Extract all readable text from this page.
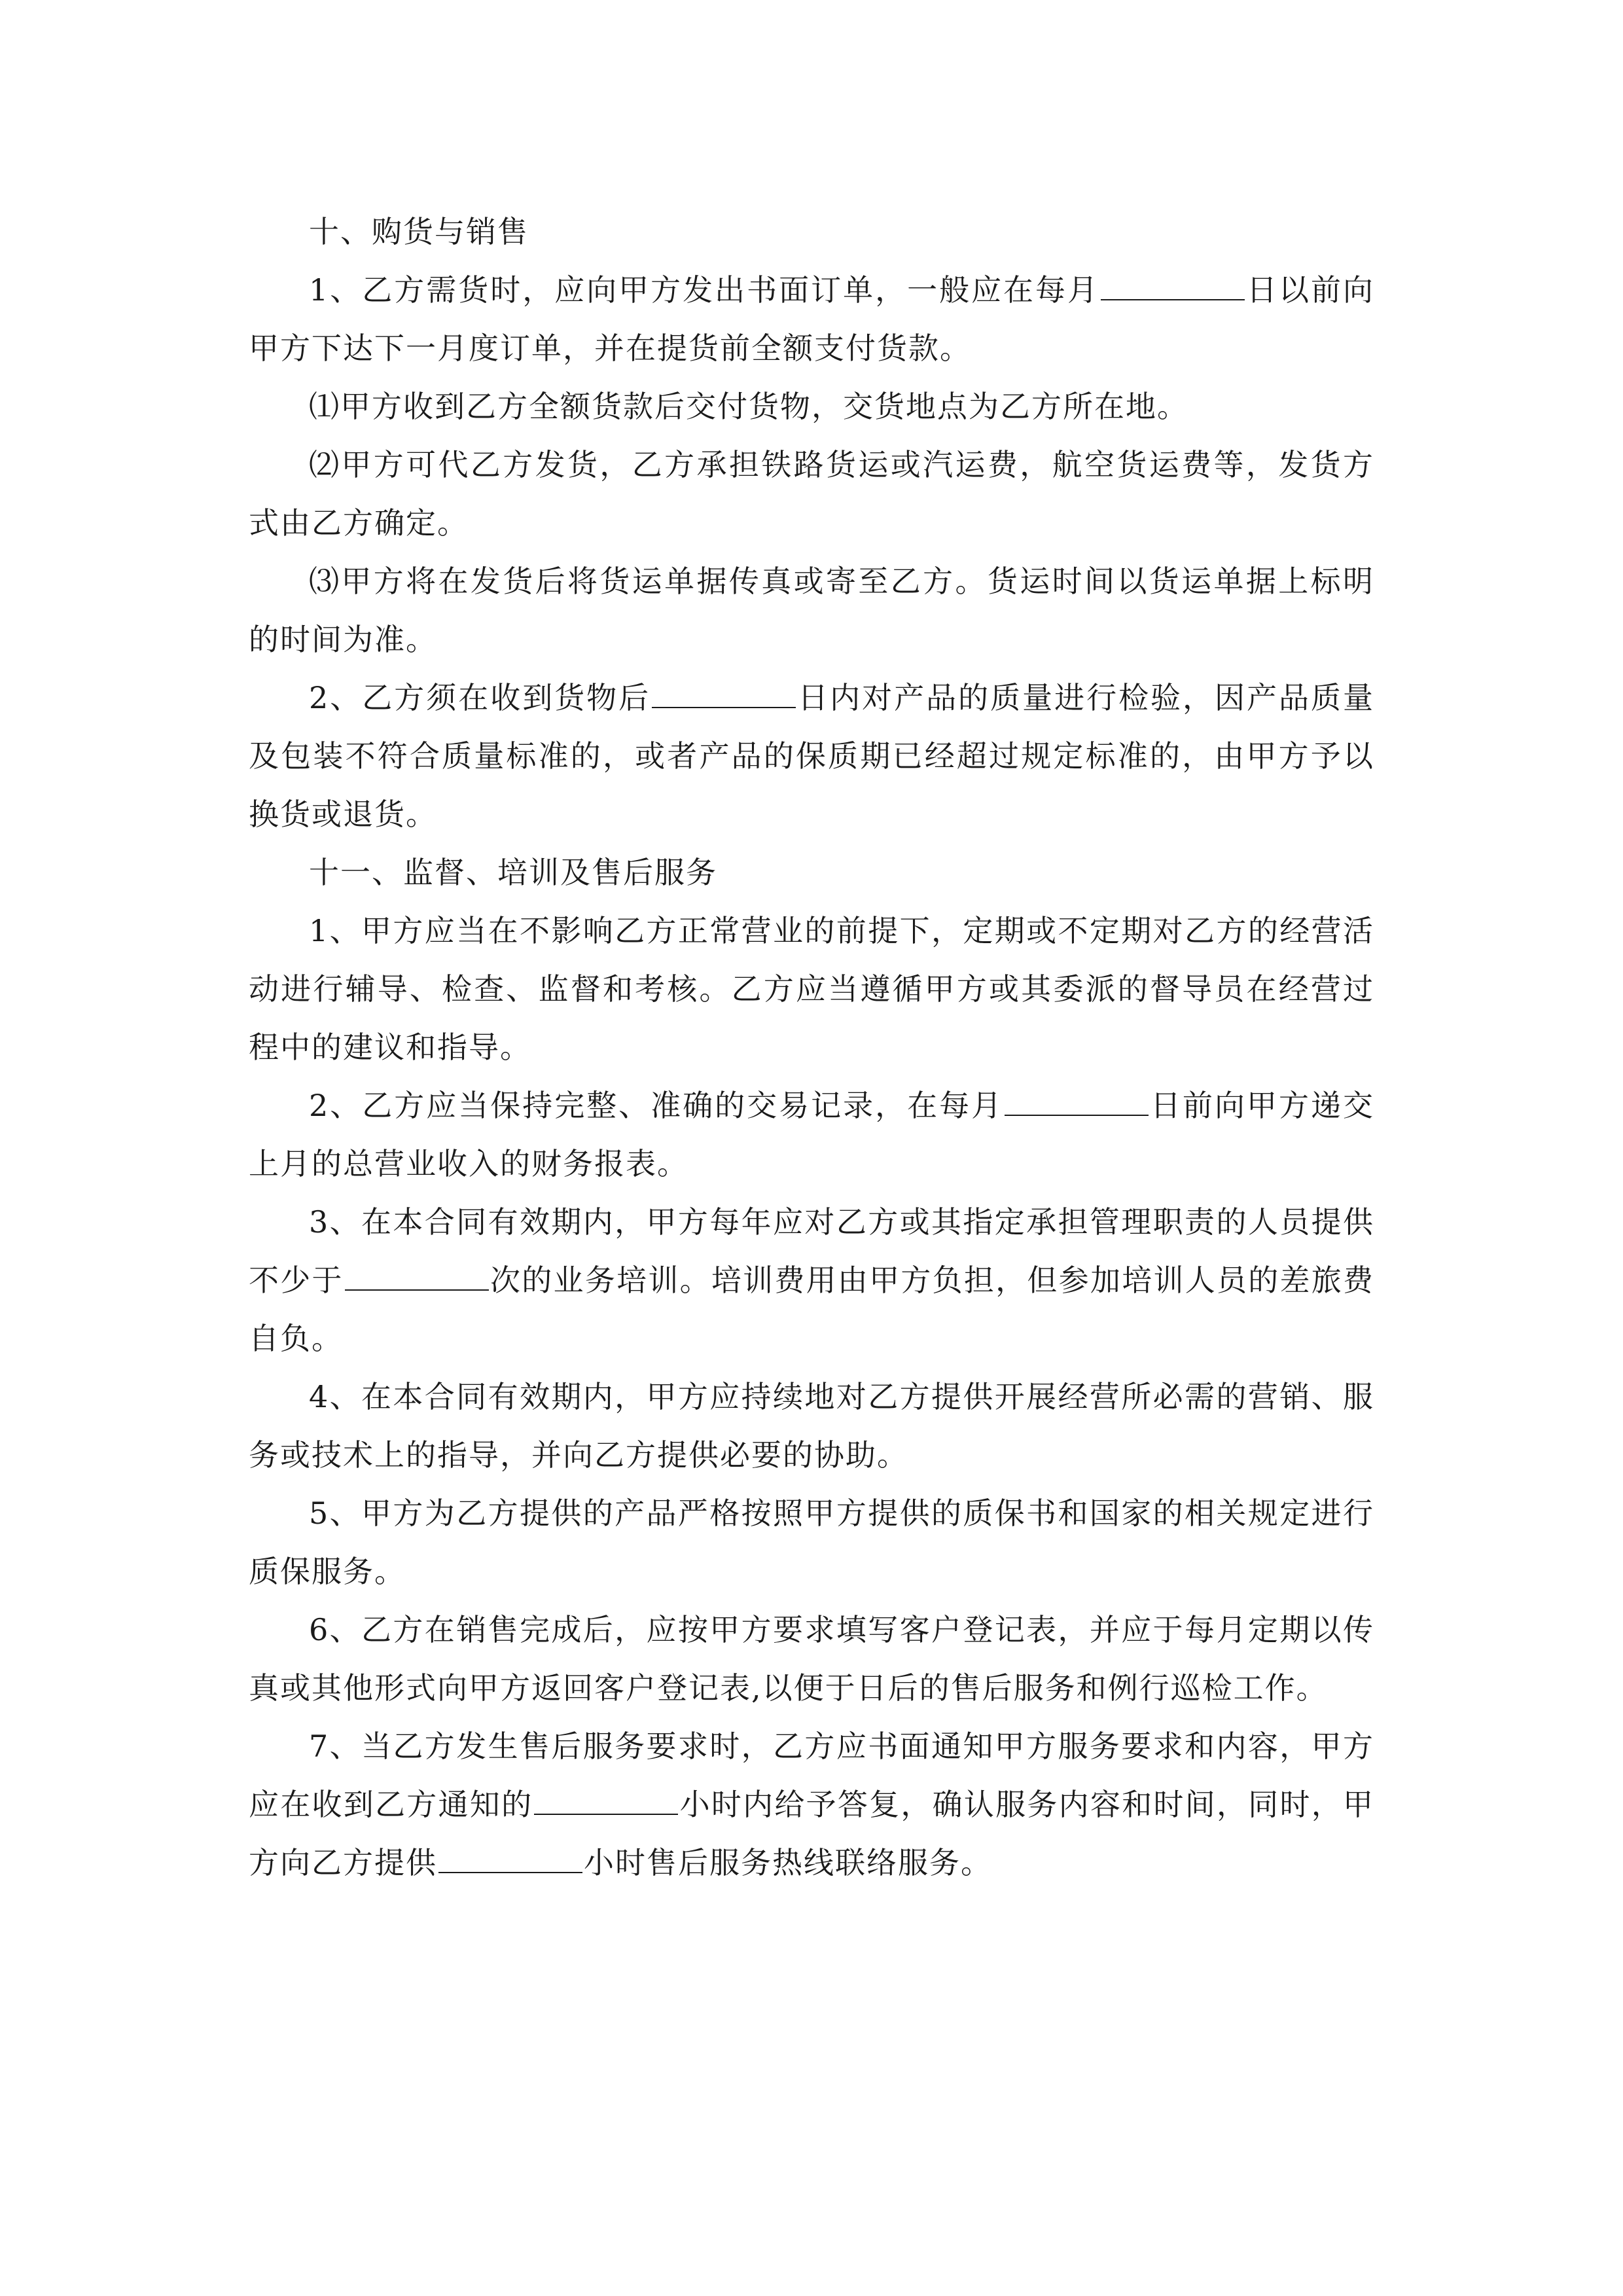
十、购货与销售

1、乙方需货时，应向甲方发出书面订单，一般应在每月	日以前向甲方下达下一月度订单，并在提货前全额支付货款。

⑴甲方收到乙方全额货款后交付货物，交货地点为乙方所在地。

⑵甲方可代乙方发货，乙方承担铁路货运或汽运费，航空货运费等，发货方式由乙方确定。

⑶甲方将在发货后将货运单据传真或寄至乙方。货运时间以货运单据上标明的时间为准。

2、乙方须在收到货物后	日内对产品的质量进行检验，因产品质量及包装不符合质量标准的，或者产品的保质期已经超过规定标准的，由甲方予以换货或退货。

十一、监督、培训及售后服务

1、甲方应当在不影响乙方正常营业的前提下，定期或不定期对乙方的经营活动进行辅导、检查、监督和考核。乙方应当遵循甲方或其委派的督导员在经营过程中的建议和指导。

2、乙方应当保持完整、准确的交易记录，在每月	日前向甲方递交上月的总营业收入的财务报表。

3、在本合同有效期内，甲方每年应对乙方或其指定承担管理职责的人员提供不少于	次的业务培训。培训费用由甲方负担，但参加培训人员的差旅费自负。

4、在本合同有效期内，甲方应持续地对乙方提供开展经营所必需的营销、服务或技术上的指导，并向乙方提供必要的协助。

5、甲方为乙方提供的产品严格按照甲方提供的质保书和国家的相关规定进行质保服务。

6、乙方在销售完成后，应按甲方要求填写客户登记表，并应于每月定期以传真或其他形式向甲方返回客户登记表,以便于日后的售后服务和例行巡检工作。

7、当乙方发生售后服务要求时，乙方应书面通知甲方服务要求和内容，甲方应在收到乙方通知的	小时内给予答复，确认服务内容和时间，同时，甲方向乙方提供	小时售后服务热线联络服务。
